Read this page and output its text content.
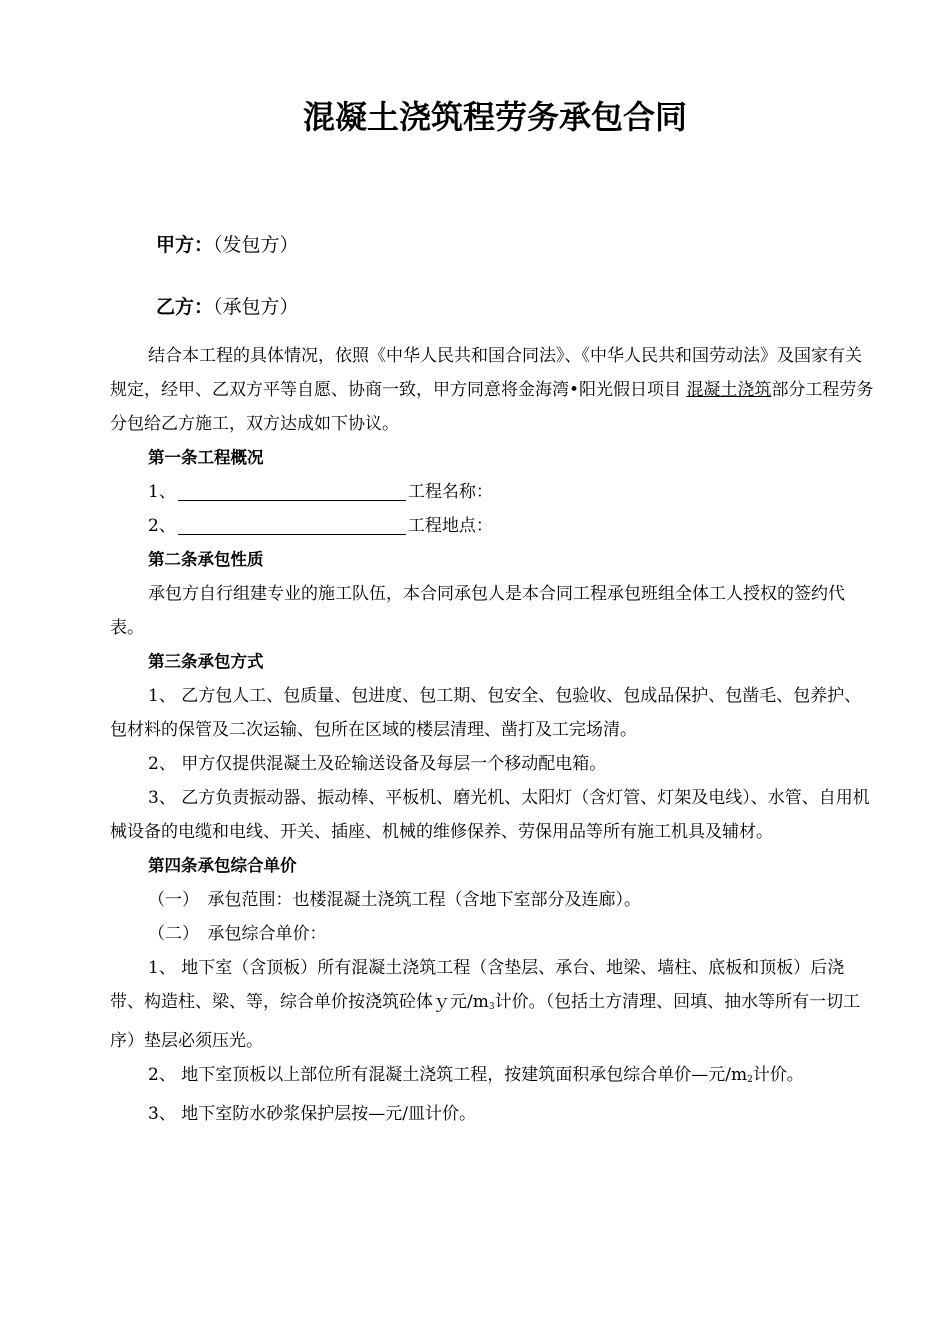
混凝土浇筑程劳务承包合同
甲方：（发包方）
乙方：（承包方）

结合本工程的具体情况，依照《中华人民共和国合同法》、《中华人民共和国劳动法》及国家有关规定，经甲、乙双方平等自愿、协商一致，甲方同意将金海湾•阳光假日项目 混凝土浇筑部分工程劳务分包给乙方施工，双方达成如下协议。

第一条工程概况

1、	工程名称：

2、	工程地点：

第二条承包性质

承包方自行组建专业的施工队伍，本合同承包人是本合同工程承包班组全体工人授权的签约代表。

第三条承包方式

1、 乙方包人工、包质量、包进度、包工期、包安全、包验收、包成品保护、包凿毛、包养护、包材料的保管及二次运输、包所在区域的楼层清理、凿打及工完场清。

2、 甲方仅提供混凝土及砼输送设备及每层一个移动配电箱。

3、 乙方负责振动器、振动棒、平板机、磨光机、太阳灯（含灯管、灯架及电线）、水管、自用机械设备的电缆和电线、开关、插座、机械的维修保养、劳保用品等所有施工机具及辅材。

第四条承包综合单价

（一）　承包范围：也楼混凝土浇筑工程（含地下室部分及连廊）。

（二）　承包综合单价：

1、 地下室（含顶板）所有混凝土浇筑工程（含垫层、承台、地梁、墙柱、底板和顶板）后浇带、构造柱、梁、等，综合单价按浇筑砼体ｙ元$/m_3$计价。（包括土方清理、回填、抽水等所有一切工序）垫层必须压光。

2、 地下室顶板以上部位所有混凝土浇筑工程，按建筑面积承包综合单价—元$/m_2$计价。

3、 地下室防水砂浆保护层按—元/皿计价。
